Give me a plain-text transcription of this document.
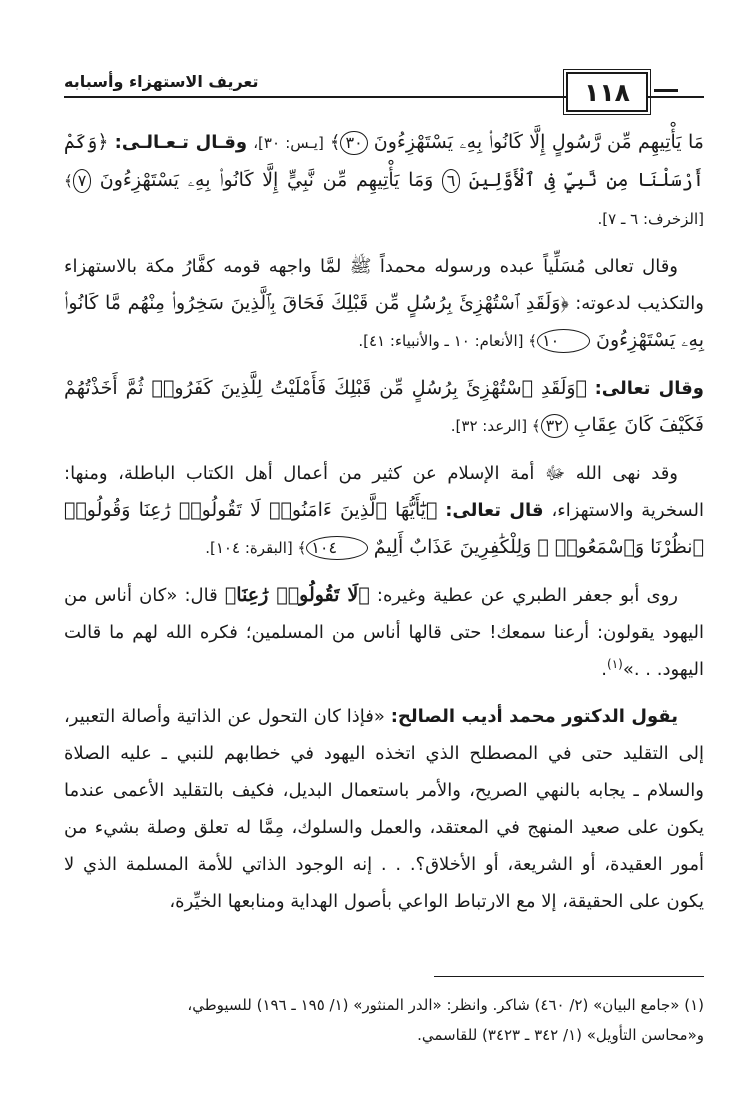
تعريف الاستهزاء وأسبابه	١١٨

مَا يَأْتِيهِم مِّن رَّسُولٍ إِلَّا كَانُوا۟ بِهِۦ يَسْتَهْزِءُونَ ٣٠﴾ [يـس: ٣٠]، وقـال تـعـالـى: ﴿وَكَمْ أَرْسَلْنَا مِن نَّبِيٍّ فِى ٱلْأَوَّلِينَ ٦ وَمَا يَأْتِيهِم مِّن نَّبِيٍّ إِلَّا كَانُوا۟ بِهِۦ يَسْتَهْزِءُونَ ٧﴾ [الزخرف: ٦ ـ ٧].

وقال تعالى مُسَلِّياً عبده ورسوله محمداً ﷺ لمَّا واجهه قومه كفَّارُ مكة بالاستهزاء والتكذيب لدعوته: ﴿وَلَقَدِ ٱسْتُهْزِئَ بِرُسُلٍ مِّن قَبْلِكَ فَحَاقَ بِٱلَّذِينَ سَخِرُوا۟ مِنْهُم مَّا كَانُوا۟ بِهِۦ يَسْتَهْزِءُونَ ١٠﴾ [الأنعام: ١٠ ـ والأنبياء: ٤١].

وقال تعالى: ﴿وَلَقَدِ ٱسْتُهْزِئَ بِرُسُلٍ مِّن قَبْلِكَ فَأَمْلَيْتُ لِلَّذِينَ كَفَرُوا۟ ثُمَّ أَخَذْتُهُمْ فَكَيْفَ كَانَ عِقَابِ ٣٢﴾ [الرعد: ٣٢].

وقد نهى الله ﷻ أمة الإسلام عن كثير من أعمال أهل الكتاب الباطلة، ومنها: السخرية والاستهزاء، قال تعالى: ﴿يَٰٓأَيُّهَا ٱلَّذِينَ ءَامَنُوا۟ لَا تَقُولُوا۟ رَٰعِنَا وَقُولُوا۟ ٱنظُرْنَا وَٱسْمَعُوا۟ ۗ وَلِلْكَٰفِرِينَ عَذَابٌ أَلِيمٌ ١٠٤﴾ [البقرة: ١٠٤].

روى أبو جعفر الطبري عن عطية وغيره: ﴿لَا تَقُولُوا۟ رَٰعِنَا﴾ قال: «كان أناس من اليهود يقولون: أرعنا سمعك! حتى قالها أناس من المسلمين؛ فكره الله لهم ما قالت اليهود. . .»$^{(١)}$.

يقول الدكتور محمد أديب الصالح: «فإذا كان التحول عن الذاتية وأصالة التعبير، إلى التقليد حتى في المصطلح الذي اتخذه اليهود في خطابهم للنبي ـ عليه الصلاة والسلام ـ يجابه بالنهي الصريح، والأمر باستعمال البديل، فكيف بالتقليد الأعمى عندما يكون على صعيد المنهج في المعتقد، والعمل والسلوك، مِمَّا له تعلق وصلة بشيء من أمور العقيدة، أو الشريعة، أو الأخلاق؟. . . إنه الوجود الذاتي للأمة المسلمة الذي لا يكون على الحقيقة، إلا مع الارتباط الواعي بأصول الهداية ومنابعها الخيِّرة،

(١) «جامع البيان» (٢/ ٤٦٠) شاكر. وانظر: «الدر المنثور» (١/ ١٩٥ ـ ١٩٦) للسيوطي،
و«محاسن التأويل» (١/ ٣٤٢ ـ ٣٤٢٣) للقاسمي.
